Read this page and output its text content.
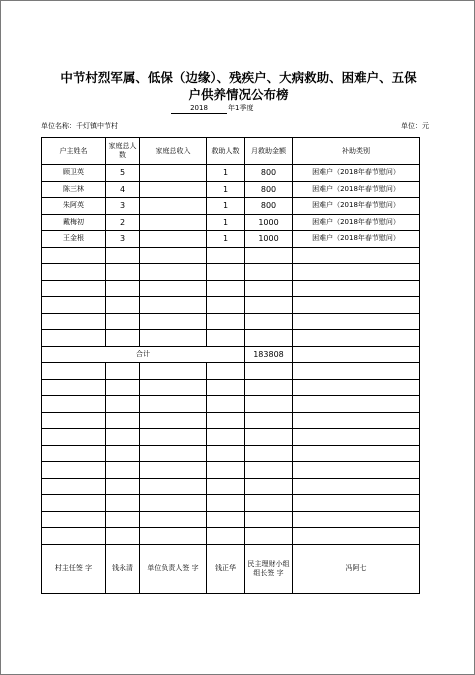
中节村烈军属、低保（边缘）、残疾户、大病救助、困难户、五保
户供养情况公布榜
2018	年1季度
单位名称：千灯镇中节村	单位：元
户主姓名	家庭总人数	家庭总收入	救助人数	月救助金额	补助类别
顾卫英	5		1	800	困难户（2018年春节慰问）
陈三林	4		1	800	困难户（2018年春节慰问）
朱阿英	3		1	800	困难户（2018年春节慰问）
戴梅初	2		1	1000	困难户（2018年春节慰问）
王金根	3		1	1000	困难户（2018年春节慰问）

合计				183808	

村主任签 字	钱永清	单位负责人签 字	钱正华	民主理财小组组长签 字	冯阿七
